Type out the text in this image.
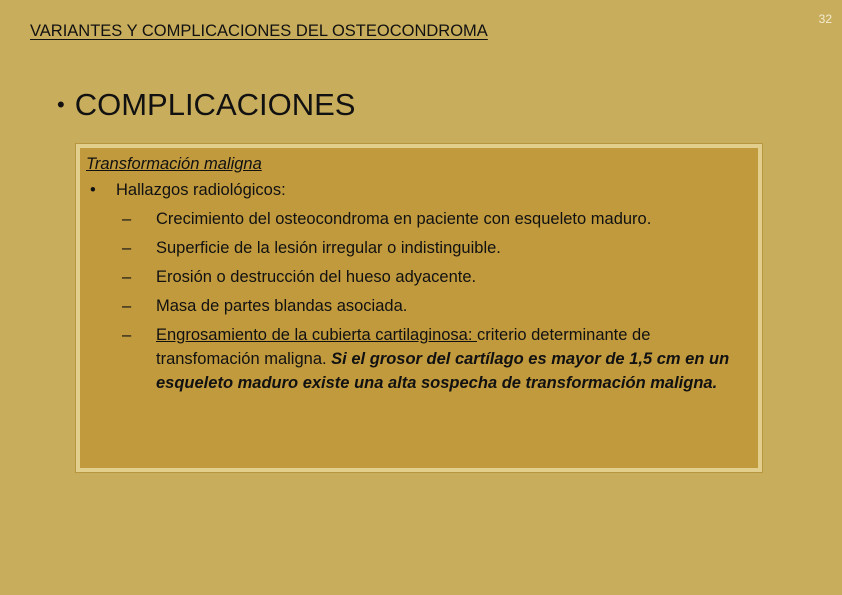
VARIANTES Y COMPLICACIONES DEL OSTEOCONDROMA
32
• COMPLICACIONES
Transformación maligna
•	Hallazgos radiológicos:
–	Crecimiento del osteocondroma en paciente con esqueleto maduro.
–	Superficie de la lesión irregular o indistinguible.
–	Erosión o destrucción del hueso adyacente.
–	Masa de partes blandas asociada.
–	Engrosamiento de la cubierta cartilaginosa: criterio determinante de transfomación maligna. Si el grosor del cartílago es mayor de 1,5 cm en un esqueleto maduro existe una alta sospecha de transformación maligna.
